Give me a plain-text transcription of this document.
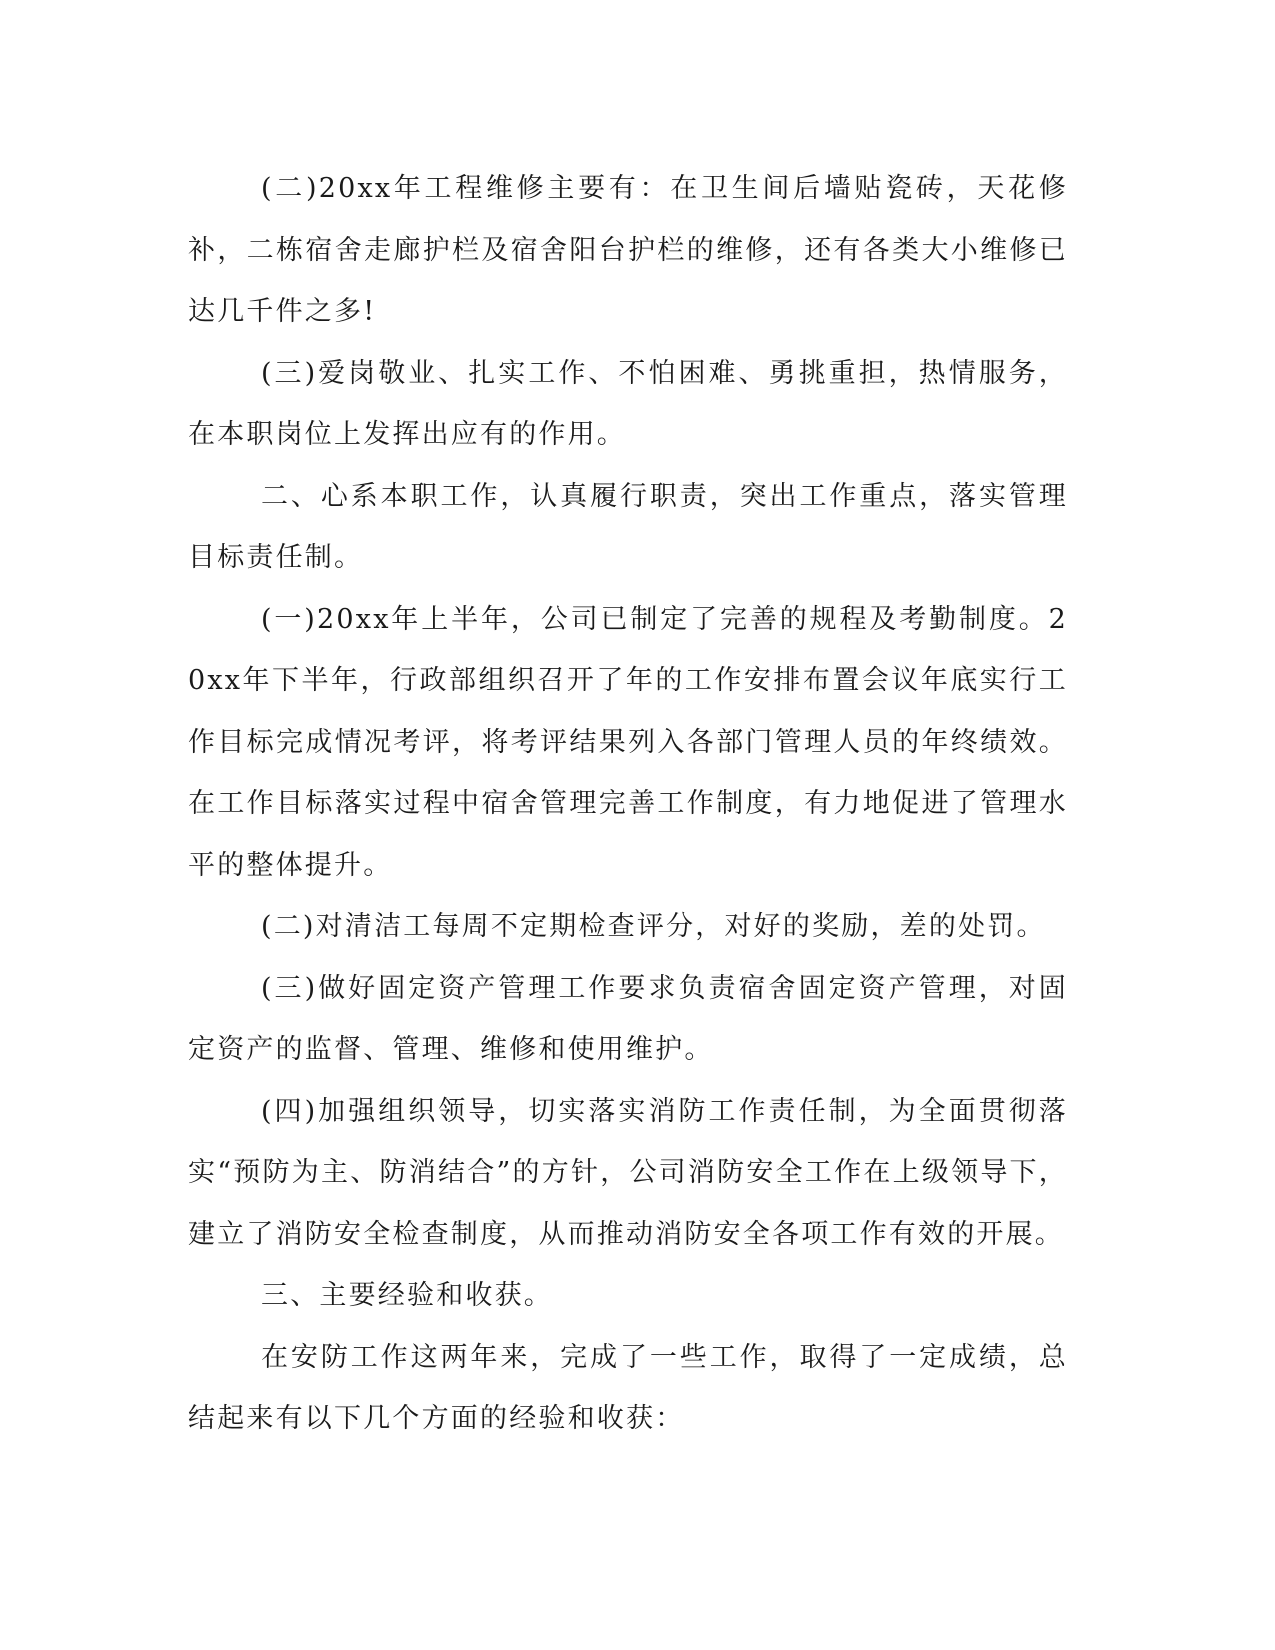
(二)20xx年工程维修主要有：在卫生间后墙贴瓷砖，天花修补，二栋宿舍走廊护栏及宿舍阳台护栏的维修，还有各类大小维修已达几千件之多!

(三)爱岗敬业、扎实工作、不怕困难、勇挑重担，热情服务，在本职岗位上发挥出应有的作用。

二、心系本职工作，认真履行职责，突出工作重点，落实管理目标责任制。

(一)20xx年上半年，公司已制定了完善的规程及考勤制度。20xx年下半年，行政部组织召开了年的工作安排布置会议年底实行工作目标完成情况考评，将考评结果列入各部门管理人员的年终绩效。在工作目标落实过程中宿舍管理完善工作制度，有力地促进了管理水平的整体提升。

(二)对清洁工每周不定期检查评分，对好的奖励，差的处罚。

(三)做好固定资产管理工作要求负责宿舍固定资产管理，对固定资产的监督、管理、维修和使用维护。

(四)加强组织领导，切实落实消防工作责任制，为全面贯彻落实“预防为主、防消结合”的方针，公司消防安全工作在上级领导下，建立了消防安全检查制度，从而推动消防安全各项工作有效的开展。

三、主要经验和收获。

在安防工作这两年来，完成了一些工作，取得了一定成绩，总结起来有以下几个方面的经验和收获：
